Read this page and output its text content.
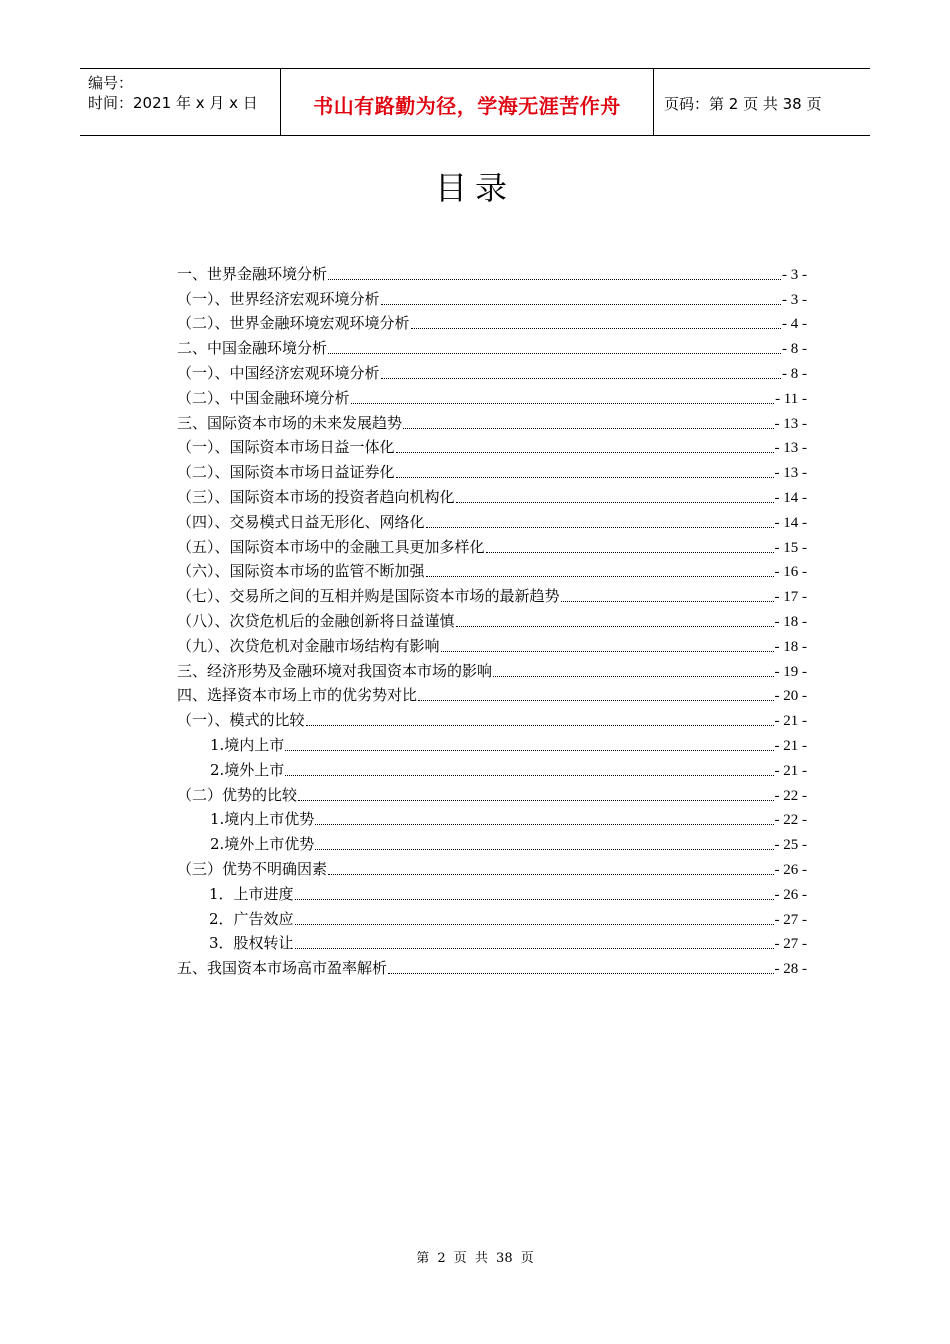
编号：
时间：2021 年 x 月 x 日	书山有路勤为径，学海无涯苦作舟	页码：第 2 页 共 38 页
目录
一、世界金融环境分析	- 3 -
（一）、世界经济宏观环境分析	- 3 -
（二）、世界金融环境宏观环境分析	- 4 -
二、中国金融环境分析	- 8 -
（一）、中国经济宏观环境分析	- 8 -
（二）、中国金融环境分析	- 11 -
三、国际资本市场的未来发展趋势	- 13 -
（一）、国际资本市场日益一体化	- 13 -
（二）、国际资本市场日益证券化	- 13 -
（三）、国际资本市场的投资者趋向机构化	- 14 -
（四）、交易模式日益无形化、网络化	- 14 -
（五）、国际资本市场中的金融工具更加多样化	- 15 -
（六）、国际资本市场的监管不断加强	- 16 -
（七）、交易所之间的互相并购是国际资本市场的最新趋势	- 17 -
（八）、次贷危机后的金融创新将日益谨慎	- 18 -
（九）、次贷危机对金融市场结构有影响	- 18 -
三、经济形势及金融环境对我国资本市场的影响	- 19 -
四、选择资本市场上市的优劣势对比	- 20 -
（一）、模式的比较	- 21 -
1.境内上市	- 21 -
2.境外上市	- 21 -
（二）优势的比较	- 22 -
1.境内上市优势	- 22 -
2.境外上市优势	- 25 -
（三）优势不明确因素	- 26 -
1．上市进度	- 26 -
2．广告效应	- 27 -
3．股权转让	- 27 -
五、我国资本市场高市盈率解析	- 28 -
第 2 页 共 38 页
